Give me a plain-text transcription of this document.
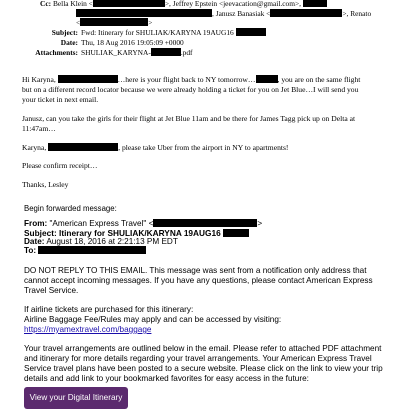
Cc: Bella Klein <	>, Jeffrey Epstein <jeevacation@gmail.com>,
, Janusz Banasiak <	>, Renato
<	>
Subject: Fwd: Itinerary for SHULIAK/KARYNA 19AUG16
Date: Thu, 18 Aug 2016 19:05:09 +0000
Attachments: SHULIAK_KARYNA-	.pdf
Hi Karyna,	…here is your flight back to NY tomorrow…	, you are on the same flight
but on a different record locator because we were already holding a ticket for you on Jet Blue…I will send you
your ticket in next email.
Janusz, can you take the girls for their flight at Jet Blue 11am and be there for James Tagg pick up on Delta at
11:47am…
Karyna,	, please take Uber from the airport in NY to apartments!
Please confirm receipt…
Thanks, Lesley
Begin forwarded message:
From: "American Express Travel" <	>
Subject: Itinerary for SHULIAK/KARYNA 19AUG16
Date: August 18, 2016 at 2:21:13 PM EDT
To:
DO NOT REPLY TO THIS EMAIL. This message was sent from a notification only address that
cannot accept incoming messages. If you have any questions, please contact American Express
Travel Service.
If airline tickets are purchased for this itinerary:
Airline Baggage Fee/Rules may apply and can be accessed by visiting:
https://myamextravel.com/baggage
Your travel arrangements are outlined below in the email. Please refer to attached PDF attachment
and itinerary for more details regarding your travel arrangements. Your American Express Travel
Service travel plans have been posted to a secure website. Please click on the link to view your trip
details and add link to your bookmarked favorites for easy access in the future:
View your Digital Itinerary
